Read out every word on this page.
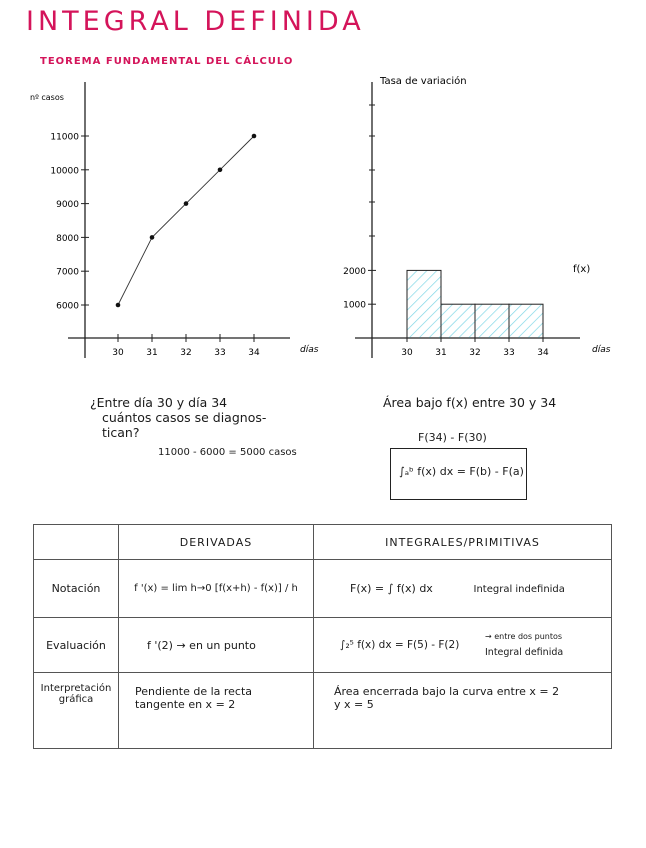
INTEGRAL DEFINIDA
TEOREMA FUNDAMENTAL DEL CÁLCULO
nº casos
días
6000
7000
8000
9000
10000
11000
30	31	32	33	34
Tasa de variación
días
1000
2000
30	31	32	33	34
f(x)
¿Entre día 30 y día 34
cuántos casos se diagnos-
tican?
11000 - 6000 = 5000 casos
Área bajo f(x) entre 30 y 34
F(34) - F(30)
∫ₐᵇ f(x) dx = F(b) - F(a)
	DERIVADAS	INTEGRALES/PRIMITIVAS
Notación	f '(x) = lim h→0 [f(x+h) - f(x)] / h	F(x) = ∫ f(x) dx Integral indefinida
Evaluación	f '(2) → en un punto	∫₂⁵ f(x) dx = F(5) - F(2)
→ entre dos puntos
Integral definida

Interpretación gráfica	Pendiente de la recta tangente en x = 2	Área encerrada bajo la curva entre x = 2 y x = 5
